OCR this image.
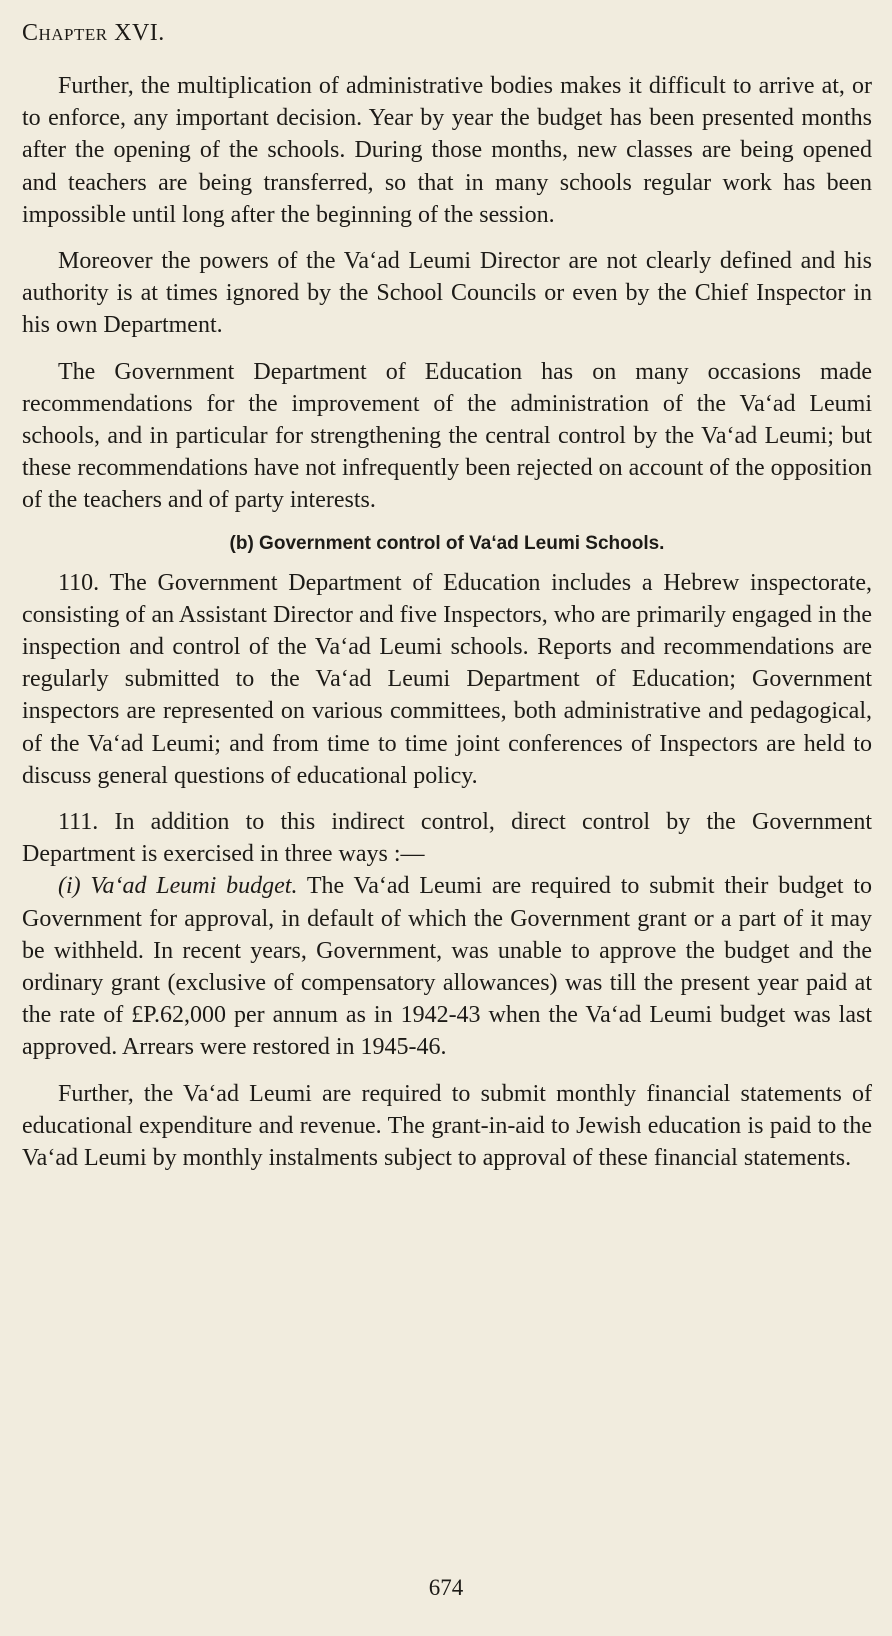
Chapter XVI.

Further, the multiplication of administrative bodies makes it difficult to arrive at, or to enforce, any important decision. Year by year the budget has been presented months after the opening of the schools. During those months, new classes are being opened and teachers are being transferred, so that in many schools regular work has been impossible until long after the beginning of the session.

Moreover the powers of the Va‘ad Leumi Director are not clearly defined and his authority is at times ignored by the School Councils or even by the Chief Inspector in his own Department.

The Government Department of Education has on many occasions made recommendations for the improvement of the administration of the Va‘ad Leumi schools, and in particular for strengthening the central control by the Va‘ad Leumi; but these recommendations have not infrequently been rejected on account of the opposition of the teachers and of party interests.

(b) Government control of Va‘ad Leumi Schools.

110. The Government Department of Education includes a Hebrew inspectorate, consisting of an Assistant Director and five Inspectors, who are primarily engaged in the inspection and control of the Va‘ad Leumi schools. Reports and recommendations are regularly submitted to the Va‘ad Leumi Department of Education; Government inspectors are represented on various committees, both administrative and pedagogical, of the Va‘ad Leumi; and from time to time joint conferences of Inspectors are held to discuss general questions of educational policy.

111. In addition to this indirect control, direct control by the Government Department is exercised in three ways :—

(i) Va‘ad Leumi budget. The Va‘ad Leumi are required to submit their budget to Government for approval, in default of which the Government grant or a part of it may be withheld. In recent years, Government, was unable to approve the budget and the ordinary grant (exclusive of compensatory allowances) was till the present year paid at the rate of £P.62,000 per annum as in 1942-43 when the Va‘ad Leumi budget was last approved. Arrears were restored in 1945-46.

Further, the Va‘ad Leumi are required to submit monthly financial statements of educational expenditure and revenue. The grant-in-aid to Jewish education is paid to the Va‘ad Leumi by monthly instalments subject to approval of these financial statements.

674
